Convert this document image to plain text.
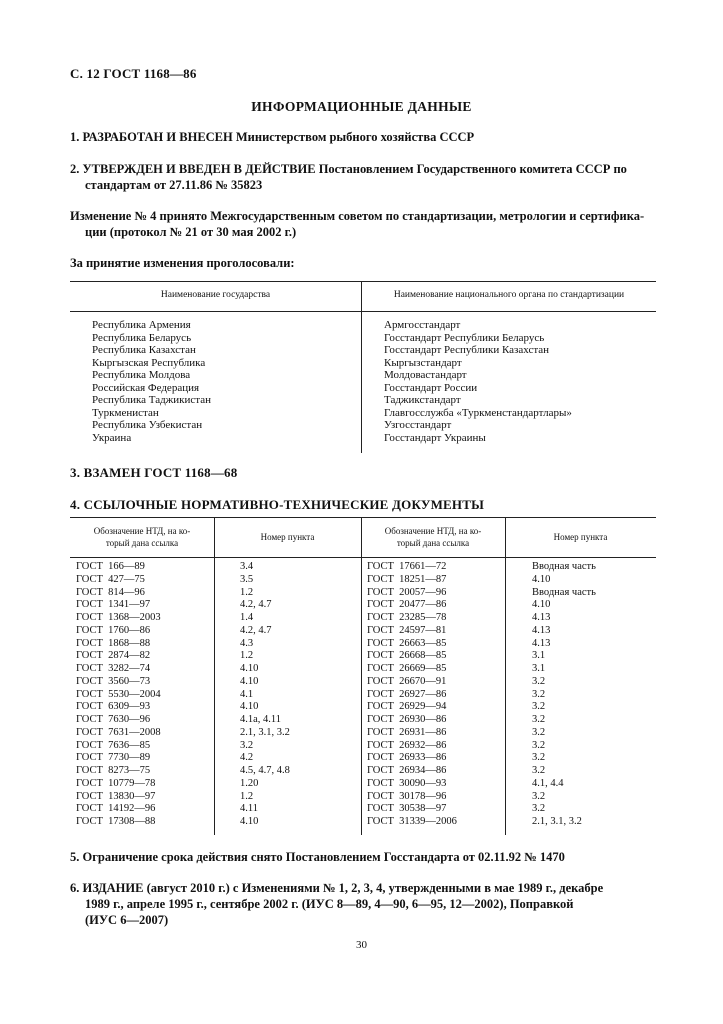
С. 12 ГОСТ 1168—86
ИНФОРМАЦИОННЫЕ ДАННЫЕ
1. РАЗРАБОТАН И ВНЕСЕН Министерством рыбного хозяйства СССР
2. УТВЕРЖДЕН И ВВЕДЕН В ДЕЙСТВИЕ Постановлением Государственного комитета СССР по
стандартам от 27.11.86 № 35823
Изменение № 4 принято Межгосударственным советом по стандартизации, метрологии и сертифика-
ции (протокол № 21 от 30 мая 2002 г.)
За принятие изменения проголосовали:
Наименование государства	Наименование национального органа по стандартизации
Республика Армения
Республика Беларусь
Республика Казахстан
Кыргызская Республика
Республика Молдова
Российская Федерация
Республика Таджикистан
Туркменистан
Республика Узбекистан
Украина
Армгосстандарт
Госстандарт Республики Беларусь
Госстандарт Республики Казахстан
Кыргызстандарт
Молдовастандарт
Госстандарт России
Таджикстандарт
Главгосслужба «Туркменстандартлары»
Узгосстандарт
Госстандарт Украины
3. ВЗАМЕН ГОСТ 1168—68
4. ССЫЛОЧНЫЕ НОРМАТИВНО-ТЕХНИЧЕСКИЕ ДОКУМЕНТЫ
Обозначение НТД, на ко-
торый дана ссылка
Номер пункта
Обозначение НТД, на ко-
торый дана ссылка
Номер пункта
ГОСТ  166—89
ГОСТ  427—75
ГОСТ  814—96
ГОСТ  1341—97
ГОСТ  1368—2003
ГОСТ  1760—86
ГОСТ  1868—88
ГОСТ  2874—82
ГОСТ  3282—74
ГОСТ  3560—73
ГОСТ  5530—2004
ГОСТ  6309—93
ГОСТ  7630—96
ГОСТ  7631—2008
ГОСТ  7636—85
ГОСТ  7730—89
ГОСТ  8273—75
ГОСТ  10779—78
ГОСТ  13830—97
ГОСТ  14192—96
ГОСТ  17308—88
3.4
3.5
1.2
4.2, 4.7
1.4
4.2, 4.7
4.3
1.2
4.10
4.10
4.1
4.10
4.1a, 4.11
2.1, 3.1, 3.2
3.2
4.2
4.5, 4.7, 4.8
1.20
1.2
4.11
4.10
ГОСТ  17661—72
ГОСТ  18251—87
ГОСТ  20057—96
ГОСТ  20477—86
ГОСТ  23285—78
ГОСТ  24597—81
ГОСТ  26663—85
ГОСТ  26668—85
ГОСТ  26669—85
ГОСТ  26670—91
ГОСТ  26927—86
ГОСТ  26929—94
ГОСТ  26930—86
ГОСТ  26931—86
ГОСТ  26932—86
ГОСТ  26933—86
ГОСТ  26934—86
ГОСТ  30090—93
ГОСТ  30178—96
ГОСТ  30538—97
ГОСТ  31339—2006
Вводная часть
4.10
Вводная часть
4.10
4.13
4.13
4.13
3.1
3.1
3.2
3.2
3.2
3.2
3.2
3.2
3.2
3.2
4.1, 4.4
3.2
3.2
2.1, 3.1, 3.2
5. Ограничение срока действия снято Постановлением Госстандарта от 02.11.92 № 1470
6. ИЗДАНИЕ (август 2010 г.) с Изменениями № 1, 2, 3, 4, утвержденными в мае 1989 г., декабре
1989 г., апреле 1995 г., сентябре 2002 г. (ИУС 8—89, 4—90, 6—95, 12—2002), Поправкой
(ИУС 6—2007)
30
